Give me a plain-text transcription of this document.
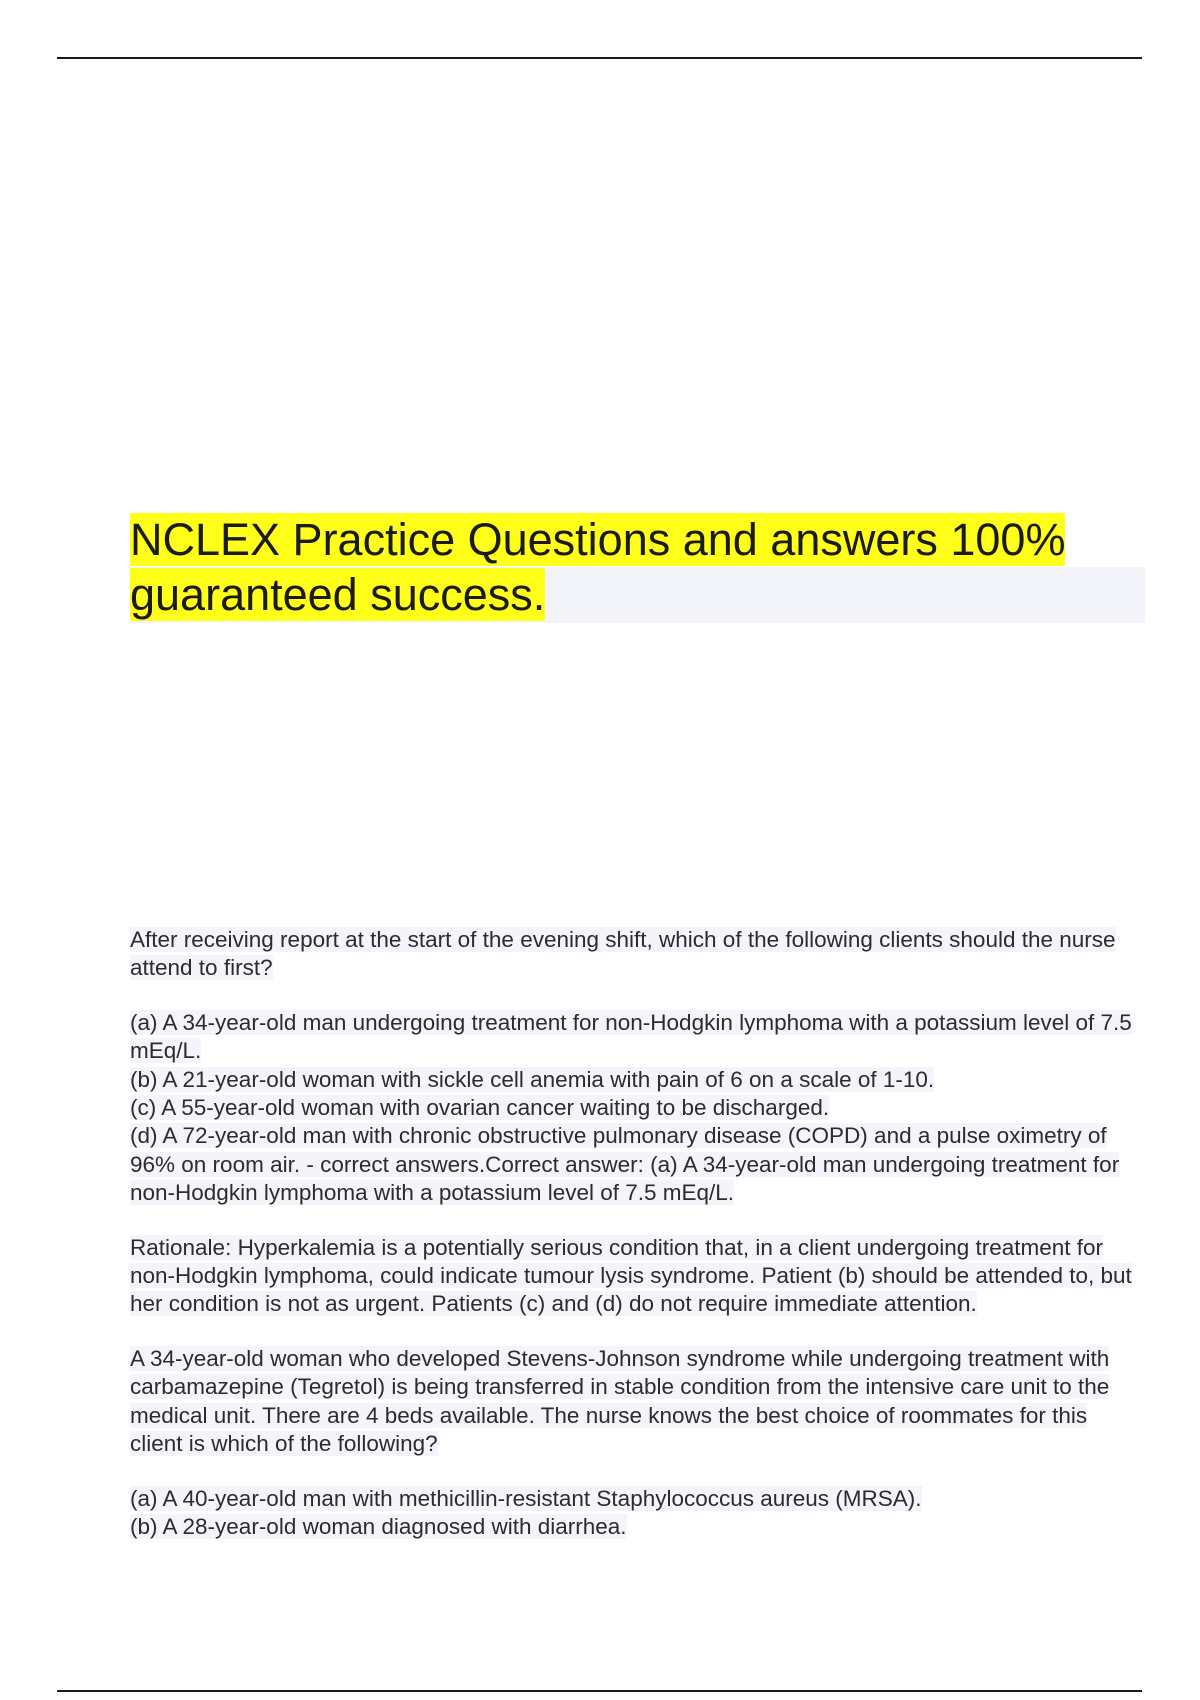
NCLEX Practice Questions and answers 100%
guaranteed success.

After receiving report at the start of the evening shift, which of the following clients should the nurse attend to first?

(a) A 34-year-old man undergoing treatment for non-Hodgkin lymphoma with a potassium level of 7.5 mEq/L.
(b) A 21-year-old woman with sickle cell anemia with pain of 6 on a scale of 1-10.
(c) A 55-year-old woman with ovarian cancer waiting to be discharged.
(d) A 72-year-old man with chronic obstructive pulmonary disease (COPD) and a pulse oximetry of 96% on room air. - correct answers.Correct answer: (a) A 34-year-old man undergoing treatment for non-Hodgkin lymphoma with a potassium level of 7.5 mEq/L.

Rationale: Hyperkalemia is a potentially serious condition that, in a client undergoing treatment for non-Hodgkin lymphoma, could indicate tumour lysis syndrome. Patient (b) should be attended to, but her condition is not as urgent. Patients (c) and (d) do not require immediate attention.

A 34-year-old woman who developed Stevens-Johnson syndrome while undergoing treatment with carbamazepine (Tegretol) is being transferred in stable condition from the intensive care unit to the medical unit. There are 4 beds available. The nurse knows the best choice of roommates for this client is which of the following?

(a) A 40-year-old man with methicillin-resistant Staphylococcus aureus (MRSA).
(b) A 28-year-old woman diagnosed with diarrhea.
